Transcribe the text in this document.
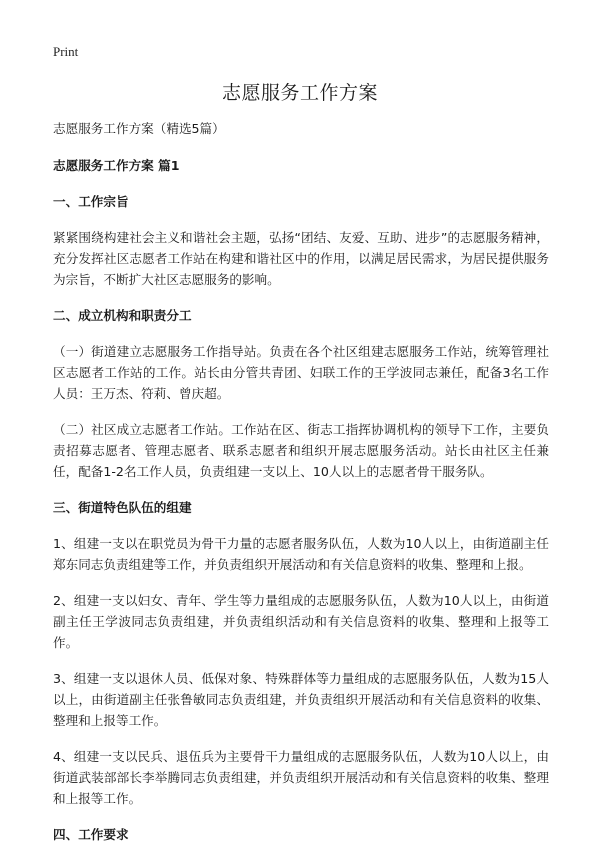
Print
志愿服务工作方案

志愿服务工作方案（精选5篇）

志愿服务工作方案 篇1

一、工作宗旨

紧紧围绕构建社会主义和谐社会主题，弘扬“团结、友爱、互助、进步”的志愿服务精神，充分发挥社区志愿者工作站在构建和谐社区中的作用，以满足居民需求，为居民提供服务为宗旨，不断扩大社区志愿服务的影响。

二、成立机构和职责分工

（一）街道建立志愿服务工作指导站。负责在各个社区组建志愿服务工作站，统筹管理社区志愿者工作站的工作。站长由分管共青团、妇联工作的王学波同志兼任，配备3名工作人员：王万杰、符莉、曾庆超。

（二）社区成立志愿者工作站。工作站在区、街志工指挥协调机构的领导下工作，主要负责招募志愿者、管理志愿者、联系志愿者和组织开展志愿服务活动。站长由社区主任兼任，配备1-2名工作人员，负责组建一支以上、10人以上的志愿者骨干服务队。

三、街道特色队伍的组建

1、组建一支以在职党员为骨干力量的志愿者服务队伍，人数为10人以上，由街道副主任郑东同志负责组建等工作，并负责组织开展活动和有关信息资料的收集、整理和上报。

2、组建一支以妇女、青年、学生等力量组成的志愿服务队伍，人数为10人以上，由街道副主任王学波同志负责组建，并负责组织活动和有关信息资料的收集、整理和上报等工作。

3、组建一支以退休人员、低保对象、特殊群体等力量组成的志愿服务队伍，人数为15人以上，由街道副主任张鲁敏同志负责组建，并负责组织开展活动和有关信息资料的收集、整理和上报等工作。

4、组建一支以民兵、退伍兵为主要骨干力量组成的志愿服务队伍，人数为10人以上，由街道武装部部长李举腾同志负责组建，并负责组织开展活动和有关信息资料的收集、整理和上报等工作。

四、工作要求
